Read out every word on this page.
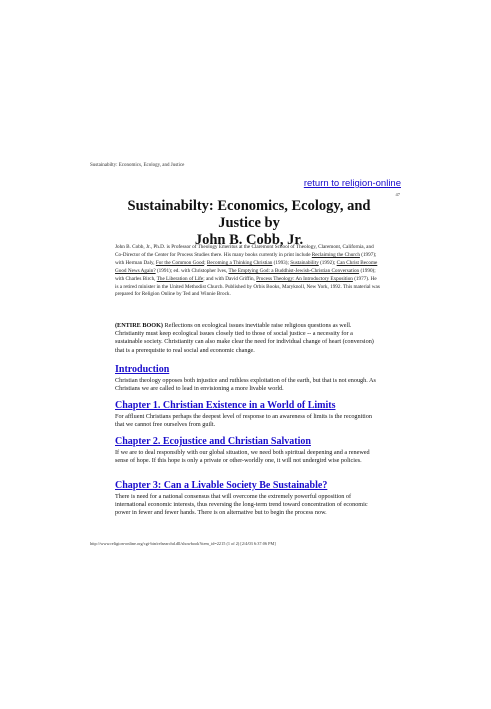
Sustainabilty: Economics, Ecology, and Justice
return to religion-online
47
Sustainabilty: Economics, Ecology, and Justice by
John B. Cobb, Jr.
John B. Cobb, Jr., Ph.D. is Professor of Theology Emeritus at the Claremont School of Theology, Claremont, California, and Co-Director of the Center for Process Studies there. His many books currently in print include Reclaiming the Church (1997); with Herman Daly, For the Common Good; Becoming a Thinking Christian (1993); Sustainability (1992); Can Christ Become Good News Again? (1991); ed. with Christopher Ives, The Emptying God: a Buddhist-Jewish-Christian Conversation (1990); with Charles Birch, The Liberation of Life; and with David Griffin, Process Theology: An Introductory Exposition (1977). He is a retired minister in the United Methodist Church. Published by Orbis Books, Maryknoll, New York, 1992. This material was prepared for Religion Online by Ted and Winnie Brock.
(ENTIRE BOOK) Reflections on ecological issues inevitable raise religious questions as well. Christianity must keep ecological issues closely tied to those of social justice -- a necessity for a sustainable society. Christianity can also make clear the need for individual change of heart (conversion) that is a prerequisite to real social and economic change.
Introduction
Christian theology opposes both injustice and ruthless exploitation of the earth, but that is not enough. As Christians we are called to lead in envisioning a more livable world.
Chapter 1. Christian Existence in a World of Limits
For affluent Christians perhaps the deepest level of response to an awareness of limits is the recognition that we cannot free ourselves from guilt.
Chapter 2. Ecojustice and Christian Salvation
If we are to deal responsibly with our global situation, we need both spiritual deepening and a renewed sense of hope. If this hope is only a private or other-worldly one, it will not undergird wise policies.
Chapter 3: Can a Livable Society Be Sustainable?
There is need for a national consensus that will overcome the extremely powerful opposition of international economic interests, thus reversing the long-term trend toward concentration of economic power in fewer and fewer hands. There is on alternative but to begin the process now.
http://www.religion-online.org/cgi-bin/relsearchd.dll/showbook?item_id=2215 (1 of 2) [2/4/03 6:37:06 PM]
